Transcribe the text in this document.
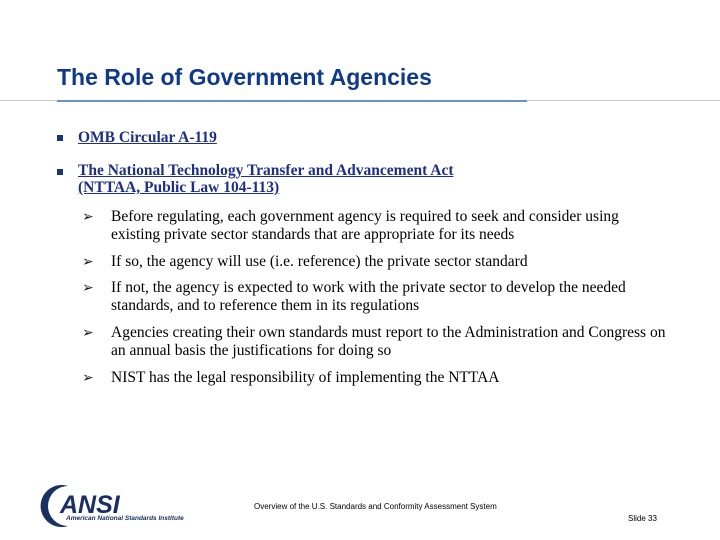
The Role of Government Agencies
OMB Circular A-119
The National Technology Transfer and Advancement Act
(NTTAA, Public Law 104-113)
➢ Before regulating, each government agency is required to seek and consider using existing private sector standards that are appropriate for its needs
➢ If so, the agency will use (i.e. reference) the private sector standard
➢ If not, the agency is expected to work with the private sector to develop the needed standards, and to reference them in its regulations
➢ Agencies creating their own standards must report to the Administration and Congress on an annual basis the justifications for doing so
➢ NIST has the legal responsibility of implementing the NTTAA
ANSI
American National Standards Institute
Overview of the U.S. Standards and Conformity Assessment System
Slide 33
